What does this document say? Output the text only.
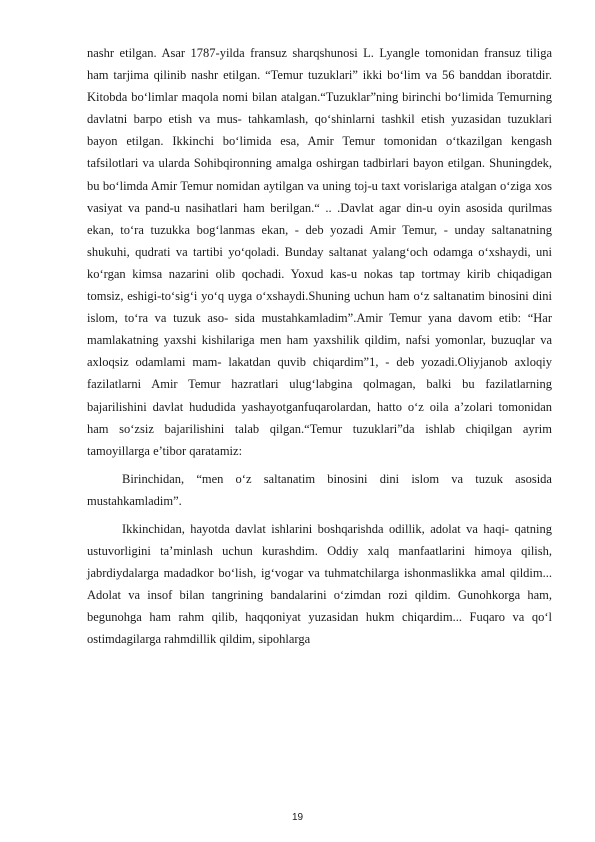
nashr etilgan. Asar 1787-yilda fransuz sharqshunosi L. Lyangle tomonidan fransuz tiliga ham tarjima qilinib nashr etilgan. “Temur tuzuklari” ikki bo‘lim va 56 banddan iboratdir. Kitobda bo‘limlar maqola nomi bilan atalgan.“Tuzuklar”ning birinchi bo‘limida Temurning davlatni barpo etish va mus- tahkamlash, qo‘shinlarni tashkil etish yuzasidan tuzuklari bayon etilgan. Ikkinchi bo‘limida esa, Amir Temur tomonidan o‘tkazilgan kengash tafsilotlari va ularda Sohibqironning amalga oshirgan tadbirlari bayon etilgan. Shuningdek, bu bo‘limda Amir Temur nomidan aytilgan va uning toj-u taxt vorislariga atalgan o‘ziga xos vasiyat va pand-u nasihatlari ham berilgan.“ .. .Davlat agar din-u oyin asosida qurilmas ekan, to‘ra tuzukka bog‘lanmas ekan, - deb yozadi Amir Temur, - unday saltanatning shukuhi, qudrati va tartibi yo‘qoladi. Bunday saltanat yalang‘och odamga o‘xshaydi, uni ko‘rgan kimsa nazarini olib qochadi. Yoxud kas-u nokas tap tortmay kirib chiqadigan tomsiz, eshigi-to‘sig‘i yo‘q uyga o‘xshaydi.Shuning uchun ham o‘z saltanatim binosini dini islom, to‘ra va tuzuk aso- sida mustahkamladim”.Amir Temur yana davom etib: “Har mamlakatning yaxshi kishilariga men ham yaxshilik qildim, nafsi yomonlar, buzuqlar va axloqsiz odamlami mam- lakatdan quvib chiqardim”1, - deb yozadi.Oliyjanob axloqiy fazilatlarni Amir Temur hazratlari ulug‘labgina qolmagan, balki bu fazilatlarning bajarilishini davlat hududida yashayotganfuqarolardan, hatto o‘z oila a’zolari tomonidan ham so‘zsiz bajarilishini talab qilgan.“Temur tuzuklari”da ishlab chiqilgan ayrim tamoyillarga e’tibor qaratamiz:

Birinchidan, “men o‘z saltanatim binosini dini islom va tuzuk asosida mustahkamladim”.

Ikkinchidan, hayotda davlat ishlarini boshqarishda odillik, adolat va haqi- qatning ustuvorligini ta’minlash uchun kurashdim. Oddiy xalq manfaatlarini himoya qilish, jabrdiydalarga madadkor bo‘lish, ig‘vogar va tuhmatchilarga ishonmaslikka amal qildim... Adolat va insof bilan tangrining bandalarini o‘zimdan rozi qildim. Gunohkorga ham, begunohga ham rahm qilib, haqqoniyat yuzasidan hukm chiqardim... Fuqaro va qo‘l ostimdagilarga rahmdillik qildim, sipohlarga

19
